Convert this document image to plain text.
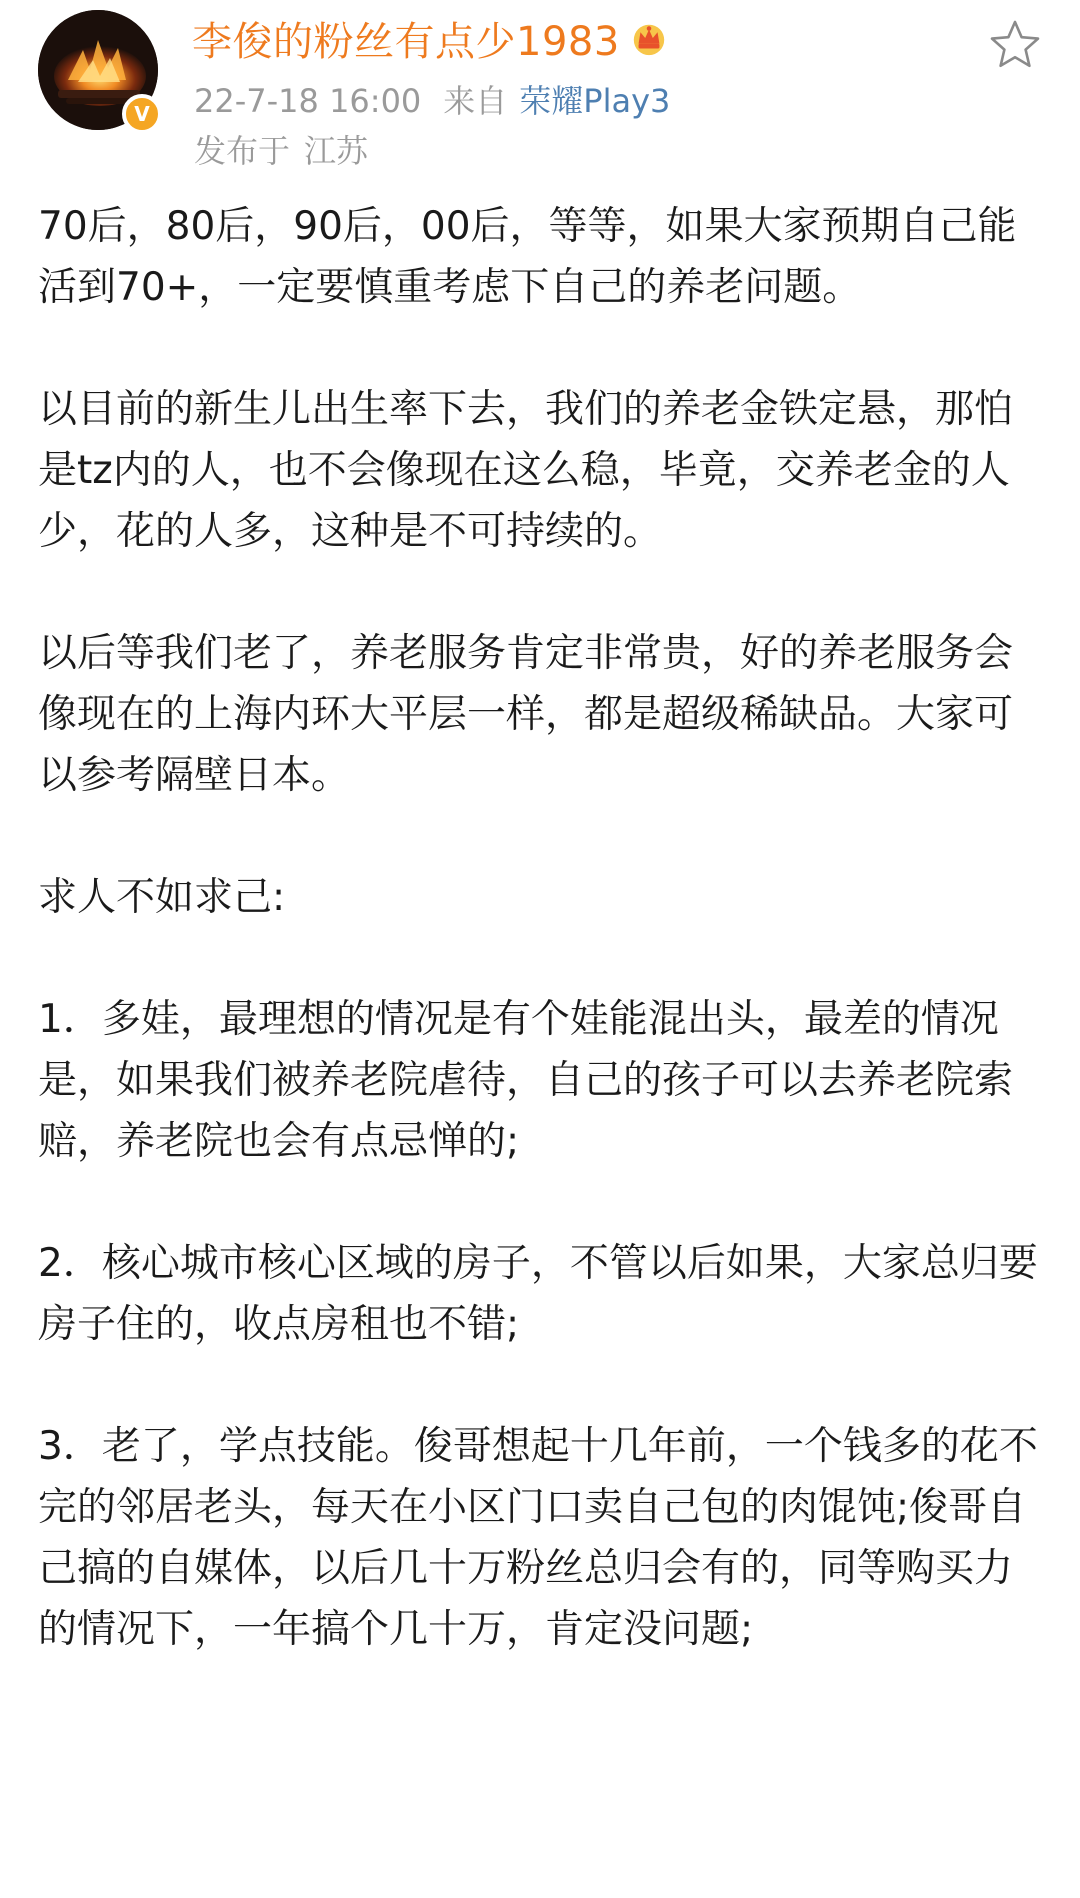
V
李俊的粉丝有点少1983
22-7-18 16:00 来自 荣耀Play3
发布于 江苏

70后，80后，90后，00后，等等，如果大家预期自己能活到70+，一定要慎重考虑下自己的养老问题。

以目前的新生儿出生率下去，我们的养老金铁定悬，那怕是tz内的人，也不会像现在这么稳，毕竟，交养老金的人少，花的人多，这种是不可持续的。

以后等我们老了，养老服务肯定非常贵，好的养老服务会像现在的上海内环大平层一样，都是超级稀缺品。大家可以参考隔壁日本。

求人不如求己:

1．多娃，最理想的情况是有个娃能混出头，最差的情况是，如果我们被养老院虐待，自己的孩子可以去养老院索赔，养老院也会有点忌惮的;

2．核心城市核心区域的房子，不管以后如果，大家总归要房子住的，收点房租也不错;

3．老了，学点技能。俊哥想起十几年前，一个钱多的花不完的邻居老头，每天在小区门口卖自己包的肉馄饨;俊哥自己搞的自媒体，以后几十万粉丝总归会有的，同等购买力的情况下，一年搞个几十万，肯定没问题;
